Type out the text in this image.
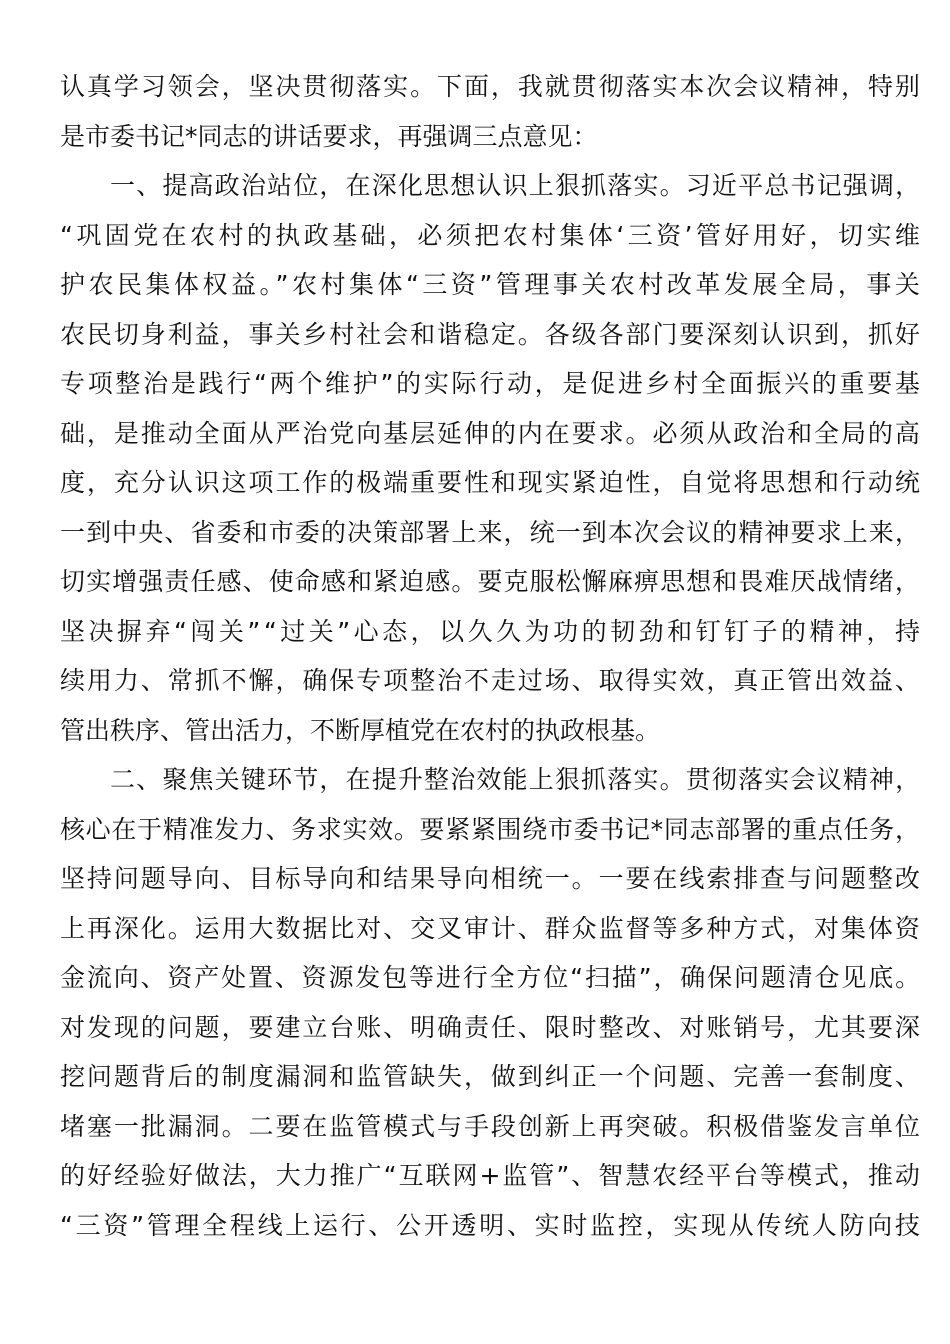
认真学习领会，坚决贯彻落实。下面，我就贯彻落实本次会议精神，特别
是市委书记*同志的讲话要求，再强调三点意见：
一、提高政治站位，在深化思想认识上狠抓落实。习近平总书记强调，
“巩固党在农村的执政基础，必须把农村集体‘三资’管好用好，切实维
护农民集体权益。”农村集体“三资”管理事关农村改革发展全局，事关
农民切身利益，事关乡村社会和谐稳定。各级各部门要深刻认识到，抓好
专项整治是践行“两个维护”的实际行动，是促进乡村全面振兴的重要基
础，是推动全面从严治党向基层延伸的内在要求。必须从政治和全局的高
度，充分认识这项工作的极端重要性和现实紧迫性，自觉将思想和行动统
一到中央、省委和市委的决策部署上来，统一到本次会议的精神要求上来，
切实增强责任感、使命感和紧迫感。要克服松懈麻痹思想和畏难厌战情绪，
坚决摒弃“闯关”“过关”心态，以久久为功的韧劲和钉钉子的精神，持
续用力、常抓不懈，确保专项整治不走过场、取得实效，真正管出效益、
管出秩序、管出活力，不断厚植党在农村的执政根基。
二、聚焦关键环节，在提升整治效能上狠抓落实。贯彻落实会议精神，
核心在于精准发力、务求实效。要紧紧围绕市委书记*同志部署的重点任务，
坚持问题导向、目标导向和结果导向相统一。一要在线索排查与问题整改
上再深化。运用大数据比对、交叉审计、群众监督等多种方式，对集体资
金流向、资产处置、资源发包等进行全方位“扫描”，确保问题清仓见底。
对发现的问题，要建立台账、明确责任、限时整改、对账销号，尤其要深
挖问题背后的制度漏洞和监管缺失，做到纠正一个问题、完善一套制度、
堵塞一批漏洞。二要在监管模式与手段创新上再突破。积极借鉴发言单位
的好经验好做法，大力推广“互联网+监管”、智慧农经平台等模式，推动
“三资”管理全程线上运行、公开透明、实时监控，实现从传统人防向技
